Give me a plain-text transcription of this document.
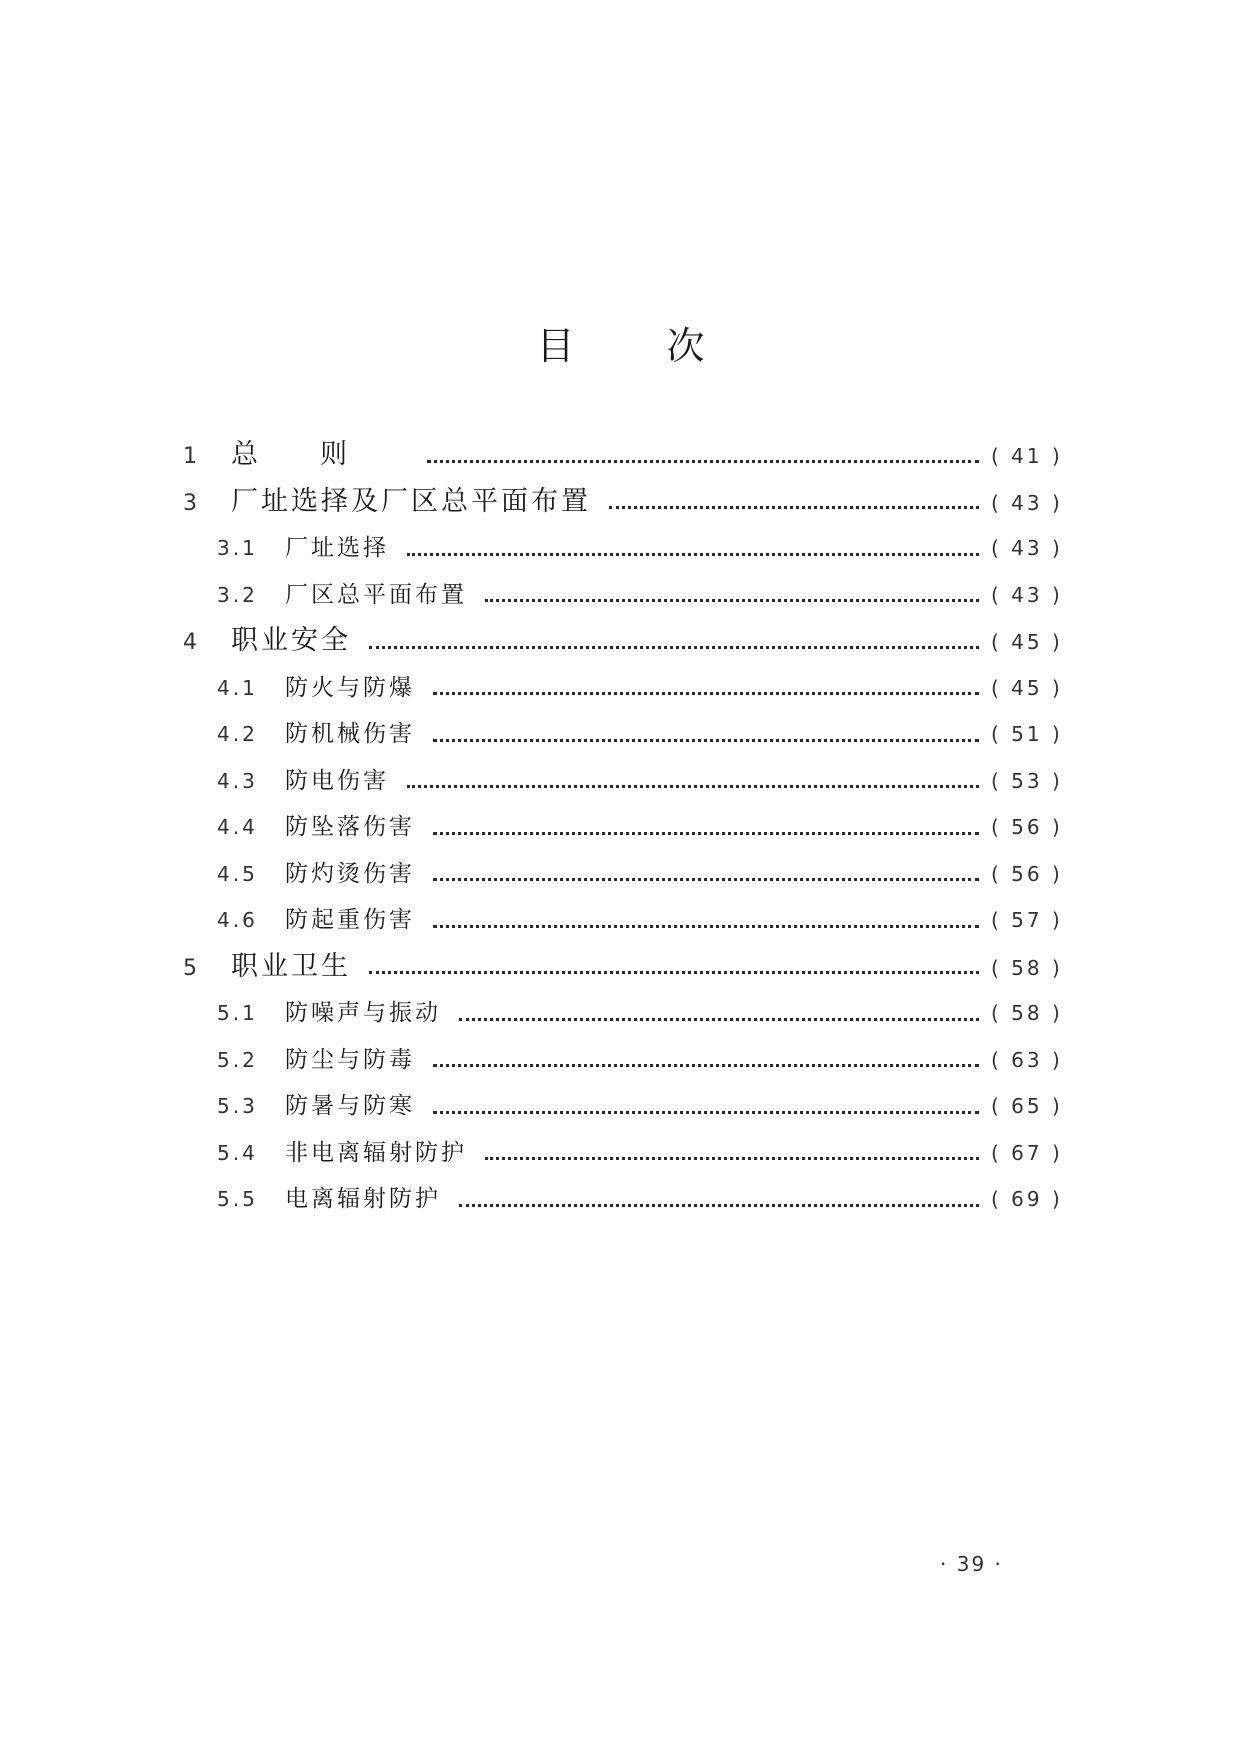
目 次
1	总则	( 41 )
3	厂址选择及厂区总平面布置	( 43 )
3.1	厂址选择	( 43 )
3.2	厂区总平面布置	( 43 )
4	职业安全	( 45 )
4.1	防火与防爆	( 45 )
4.2	防机械伤害	( 51 )
4.3	防电伤害	( 53 )
4.4	防坠落伤害	( 56 )
4.5	防灼烫伤害	( 56 )
4.6	防起重伤害	( 57 )
5	职业卫生	( 58 )
5.1	防噪声与振动	( 58 )
5.2	防尘与防毒	( 63 )
5.3	防暑与防寒	( 65 )
5.4	非电离辐射防护	( 67 )
5.5	电离辐射防护	( 69 )
· 39 ·
